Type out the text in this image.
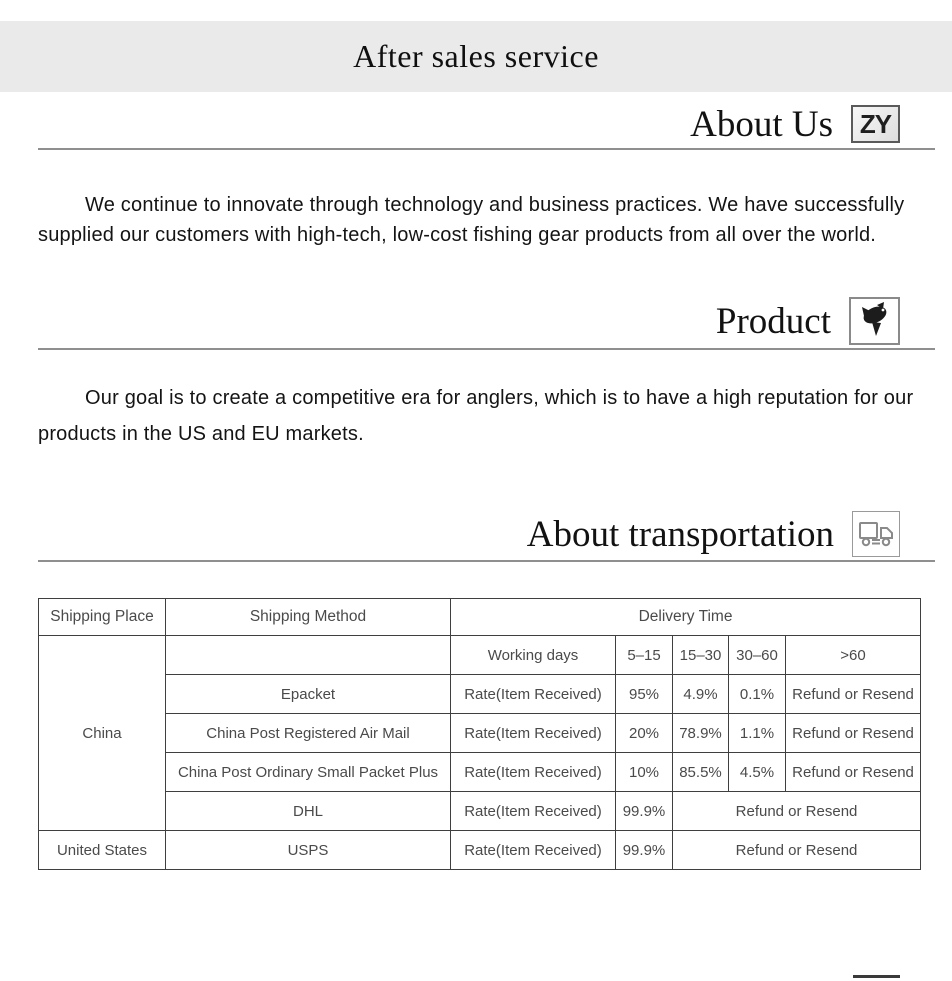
After sales service
About Us	ZY

We continue to innovate through technology and business practices. We have successfully supplied our customers with high-tech, low-cost fishing gear products from all over the world.

Product

Our goal is to create a competitive era for anglers, which is to have a high reputation for our products in the US and EU markets.

About transportation
Shipping Place	Shipping Method	Delivery Time				
China		Working days	5–15	15–30	30–60	>60
	Epacket	Rate(Item Received)	95%	4.9%	0.1%	Refund or Resend
	China Post Registered Air Mail	Rate(Item Received)	20%	78.9%	1.1%	Refund or Resend
	China Post Ordinary Small Packet Plus	Rate(Item Received)	10%	85.5%	4.5%	Refund or Resend
	DHL	Rate(Item Received)	99.9%	Refund or Resend		
United States	USPS	Rate(Item Received)	99.9%	Refund or Resend		
